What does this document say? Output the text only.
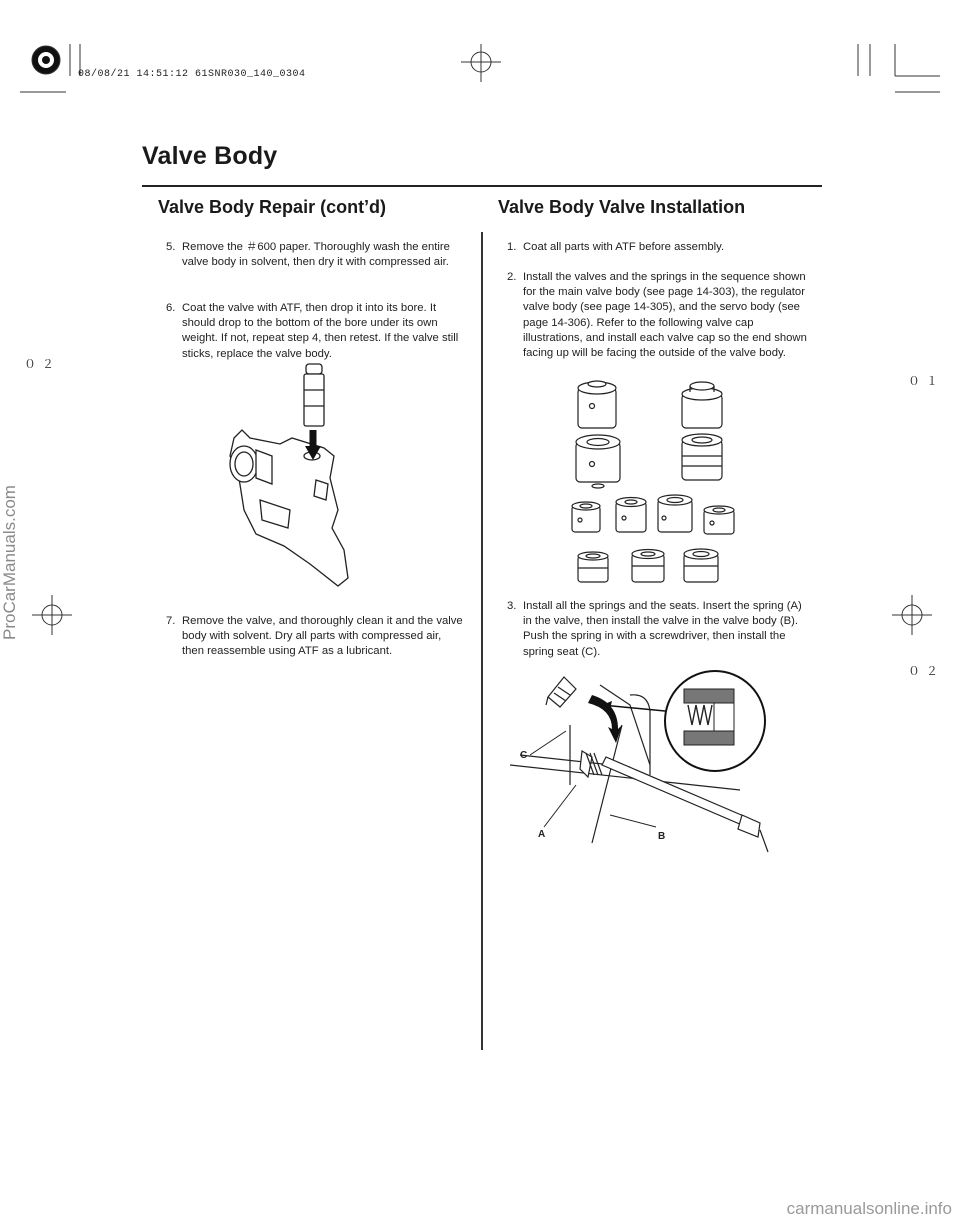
08/08/21 14:51:12 61SNR030_140_0304
０２
０１
０２
Valve Body
Valve Body Repair (cont’d)	Valve Body Valve Installation
5. Remove the ＃600 paper. Thoroughly wash the entire valve body in solvent, then dry it with compressed air.
6. Coat the valve with ATF, then drop it into its bore. It should drop to the bottom of the bore under its own weight. If not, repeat step 4, then retest. If the valve still sticks, replace the valve body.
7. Remove the valve, and thoroughly clean it and the valve body with solvent. Dry all parts with compressed air, then reassemble using ATF as a lubricant.
1. Coat all parts with ATF before assembly.
2. Install the valves and the springs in the sequence shown for the main valve body (see page 14-303), the regulator valve body (see page 14-305), and the servo body (see page 14-306). Refer to the following valve cap illustrations, and install each valve cap so the end shown facing up will be facing the outside of the valve body.
3. Install all the springs and the seats. Insert the spring (A) in the valve, then install the valve in the valve body (B). Push the spring in with a screwdriver, then install the spring seat (C).
C
A	B
ProCarManuals.com
carmanualsonline.info
